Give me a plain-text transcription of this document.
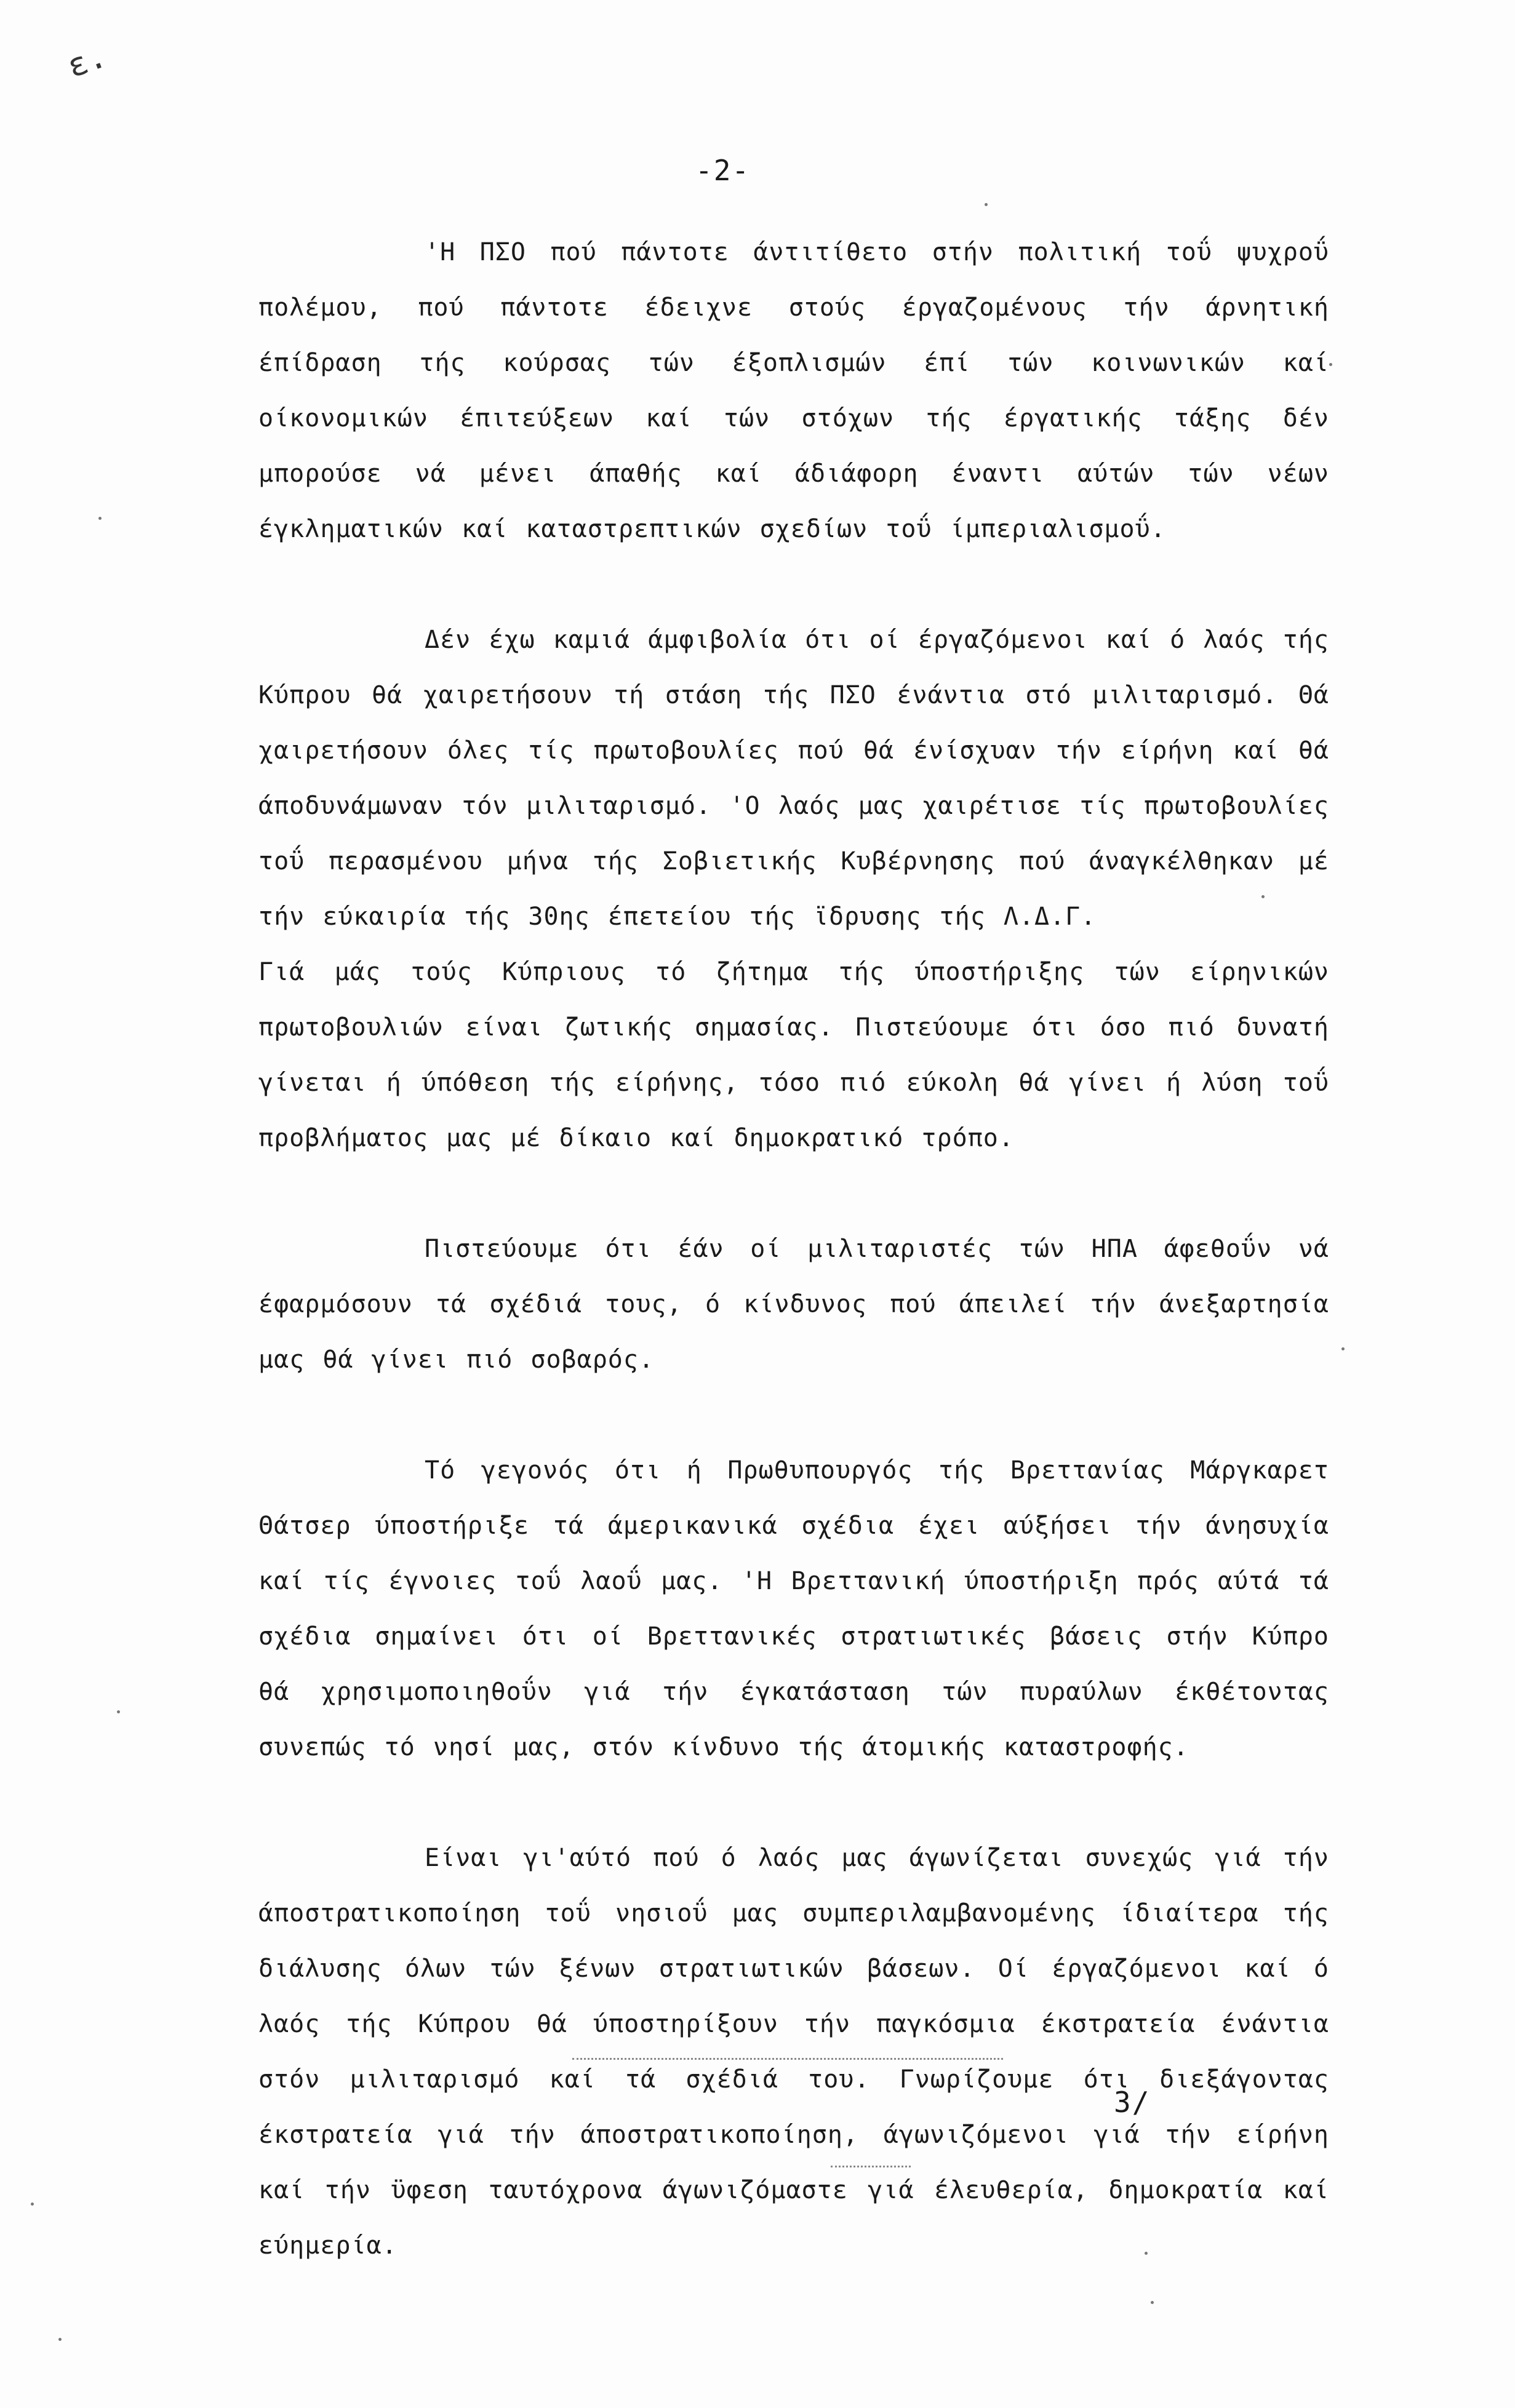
ε.
-2-

'Η ΠΣΟ πού πάντοτε άντιτίθετο στήν πολιτική τοΰ ψυχροΰ πολέμου, πού πάντοτε έδειχνε στούς έργαζομένους τήν άρνητική έπίδραση τής κούρσας τών έξοπλισμών έπί τών κοινωνικών καί οίκονομικών έπιτεύξεων καί τών στόχων τής έργατικής τάξης δέν μπορούσε νά μένει άπαθής καί άδιάφορη έναντι αύτών τών νέων έγκληματικών καί καταστρεπτικών σχεδίων τοΰ ίμπεριαλισμοΰ.

Δέν έχω καμιά άμφιβολία ότι οί έργαζόμενοι καί ό λαός τής Κύπρου θά χαιρετήσουν τή στάση τής ΠΣΟ ένάντια στό μιλιταρισμό. Θά χαιρετήσουν όλες τίς πρωτοβουλίες πού θά ένίσχυαν τήν είρήνη καί θά άποδυνάμωναν τόν μιλιταρισμό. 'Ο λαός μας χαιρέτισε τίς πρωτοβουλίες τοΰ περασμένου μήνα τής Σοβιετικής Κυβέρνησης πού άναγκέλθηκαν μέ τήν εύκαιρία τής 30ης έπετείου τής ϊδρυσης τής Λ.Δ.Γ.

Γιά μάς τούς Κύπριους τό ζήτημα τής ύποστήριξης τών είρηνικών πρωτοβουλιών είναι ζωτικής σημασίας. Πιστεύουμε ότι όσο πιό δυνατή γίνεται ή ύπόθεση τής είρήνης, τόσο πιό εύκολη θά γίνει ή λύση τοΰ προβλήματος μας μέ δίκαιο καί δημοκρατικό τρόπο.

Πιστεύουμε ότι έάν οί μιλιταριστές τών ΗΠΑ άφεθοΰν νά έφαρμόσουν τά σχέδιά τους, ό κίνδυνος πού άπειλεί τήν άνεξαρτησία μας θά γίνει πιό σοβαρός.

Τό γεγονός ότι ή Πρωθυπουργός τής Βρεττανίας Μάργκαρετ Θάτσερ ύποστήριξε τά άμερικανικά σχέδια έχει αύξήσει τήν άνησυχία καί τίς έγνοιες τοΰ λαοΰ μας. 'Η Βρεττανική ύποστήριξη πρός αύτά τά σχέδια σημαίνει ότι οί Βρεττανικές στρατιωτικές βάσεις στήν Κύπρο θά χρησιμοποιηθοΰν γιά τήν έγκατάσταση τών πυραύλων έκθέτοντας συνεπώς τό νησί μας, στόν κίνδυνο τής άτομικής καταστροφής.

Είναι γι'αύτό πού ό λαός μας άγωνίζεται συνεχώς γιά τήν άποστρατικοποίηση τοΰ νησιοΰ μας συμπεριλαμβανομένης ίδιαίτερα τής διάλυσης όλων τών ξένων στρατιωτικών βάσεων. Οί έργαζόμενοι καί ό λαός τής Κύπρου θά ύποστηρίξουν τήν παγκόσμια έκστρατεία ένάντια στόν μιλιταρισμό καί τά σχέδιά του. Γνωρίζουμε ότι διεξάγοντας έκστρατεία γιά τήν άποστρατικοποίηση, άγωνιζόμενοι γιά τήν είρήνη καί τήν ϋφεση ταυτόχρονα άγωνιζόμαστε γιά έλευθερία, δημοκρατία καί εύημερία.

3/
